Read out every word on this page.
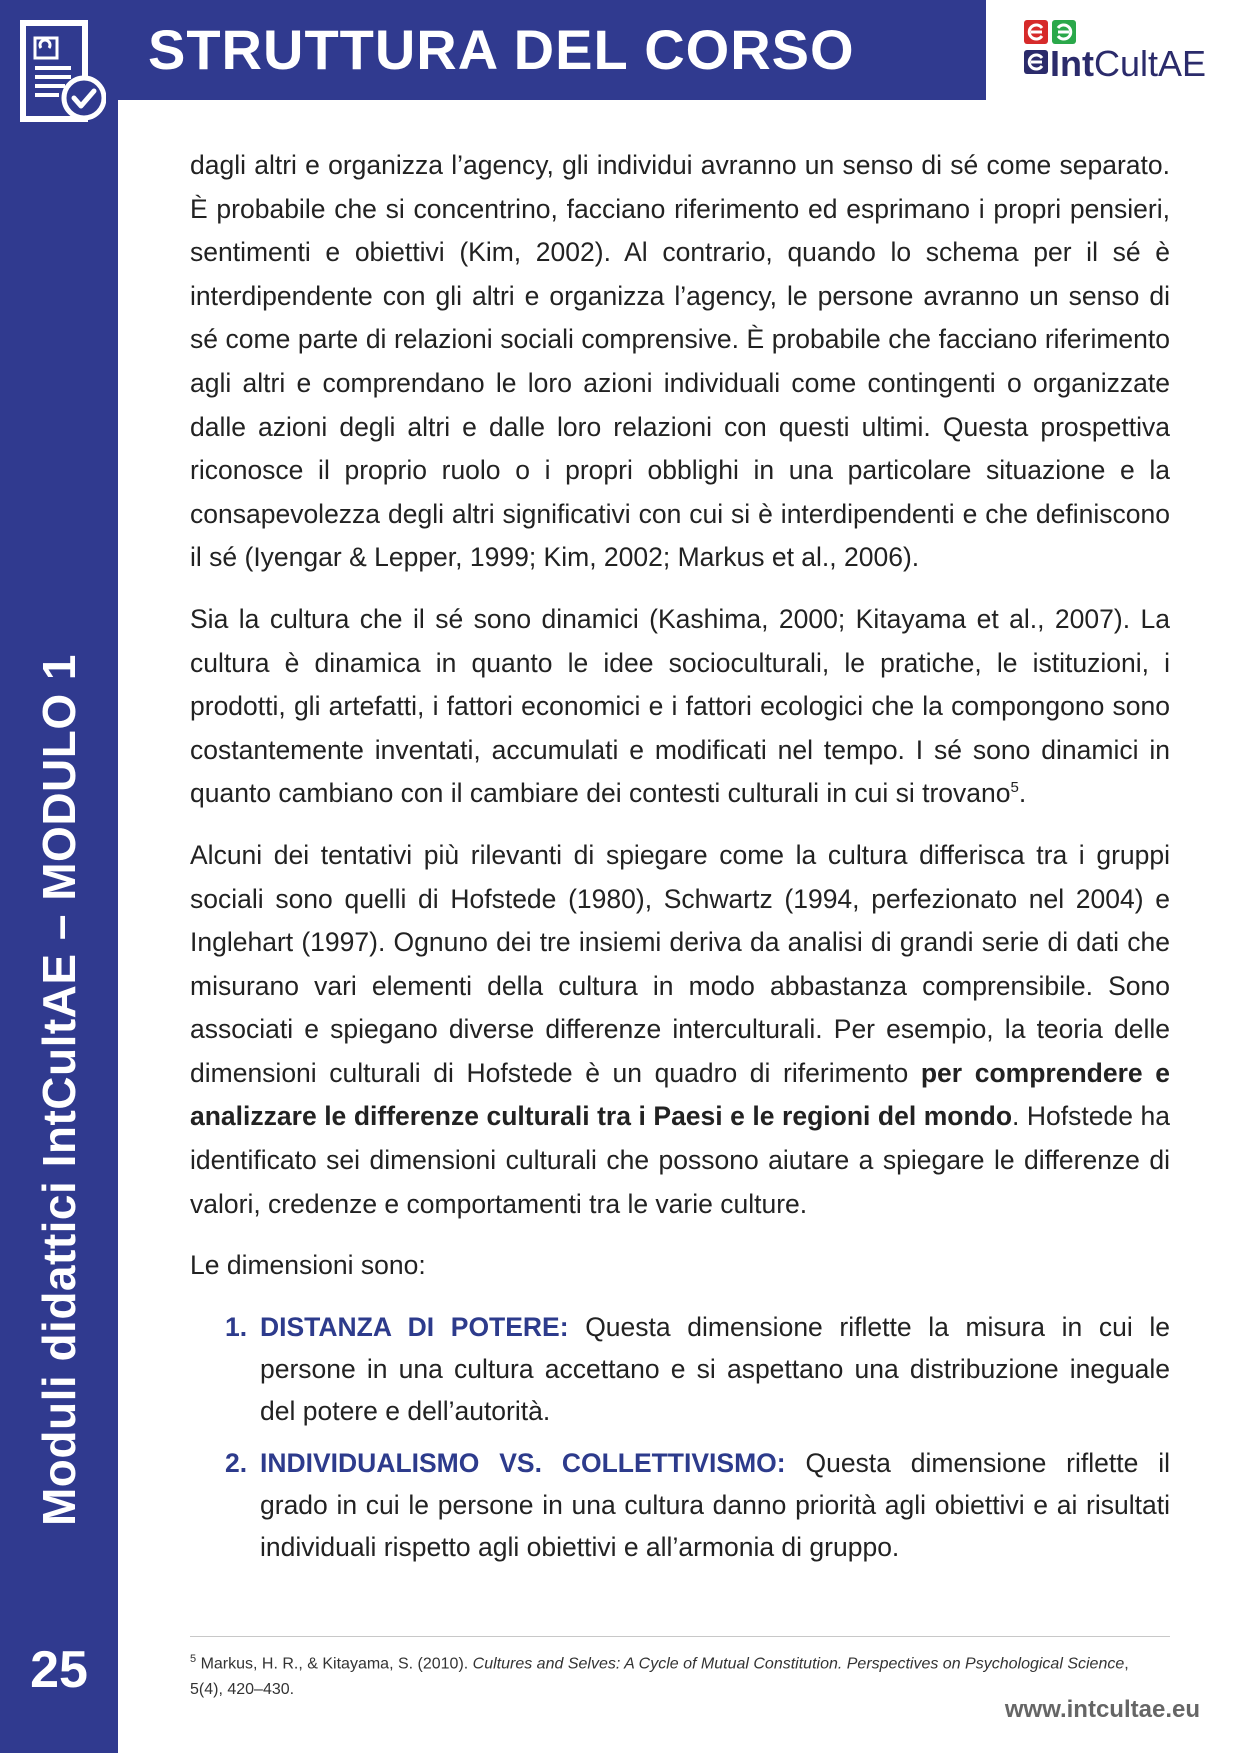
Moduli didattici IntCultAE – MODULO 1
25
STRUTTURA DEL CORSO	IntCultAE

dagli altri e organizza l’agency, gli individui avranno un senso di sé come separato. È probabile che si concentrino, facciano riferimento ed esprimano i propri pensieri, sentimenti e obiettivi (Kim, 2002). Al contrario, quando lo schema per il sé è interdipendente con gli altri e organizza l’agency, le persone avranno un senso di sé come parte di relazioni sociali comprensive. È probabile che facciano riferimento agli altri e comprendano le loro azioni individuali come contingenti o organizzate dalle azioni degli altri e dalle loro relazioni con questi ultimi. Questa prospettiva riconosce il proprio ruolo o i propri obblighi in una particolare situazione e la consapevolezza degli altri significativi con cui si è interdipendenti e che definiscono il sé (Iyengar & Lepper, 1999; Kim, 2002; Markus et al., 2006).

Sia la cultura che il sé sono dinamici (Kashima, 2000; Kitayama et al., 2007). La cultura è dinamica in quanto le idee socioculturali, le pratiche, le istituzioni, i prodotti, gli artefatti, i fattori economici e i fattori ecologici che la compongono sono costantemente inventati, accumulati e modificati nel tempo. I sé sono dinamici in quanto cambiano con il cambiare dei contesti culturali in cui si trovano$^5$.

Alcuni dei tentativi più rilevanti di spiegare come la cultura differisca tra i gruppi sociali sono quelli di Hofstede (1980), Schwartz (1994, perfezionato nel 2004) e Inglehart (1997). Ognuno dei tre insiemi deriva da analisi di grandi serie di dati che misurano vari elementi della cultura in modo abbastanza comprensibile. Sono associati e spiegano diverse differenze interculturali. Per esempio, la teoria delle dimensioni culturali di Hofstede è un quadro di riferimento per comprendere e analizzare le differenze culturali tra i Paesi e le regioni del mondo. Hofstede ha identificato sei dimensioni culturali che possono aiutare a spiegare le differenze di valori, credenze e comportamenti tra le varie culture.

Le dimensioni sono:

1. DISTANZA DI POTERE: Questa dimensione riflette la misura in cui le persone in una cultura accettano e si aspettano una distribuzione ineguale del potere e dell’autorità.
2. INDIVIDUALISMO VS. COLLETTIVISMO: Questa dimensione riflette il grado in cui le persone in una cultura danno priorità agli obiettivi e ai risultati individuali rispetto agli obiettivi e all’armonia di gruppo.
$^5$ Markus, H. R., & Kitayama, S. (2010). Cultures and Selves: A Cycle of Mutual Constitution. Perspectives on Psychological Science, 5(4), 420–430.
www.intcultae.eu
